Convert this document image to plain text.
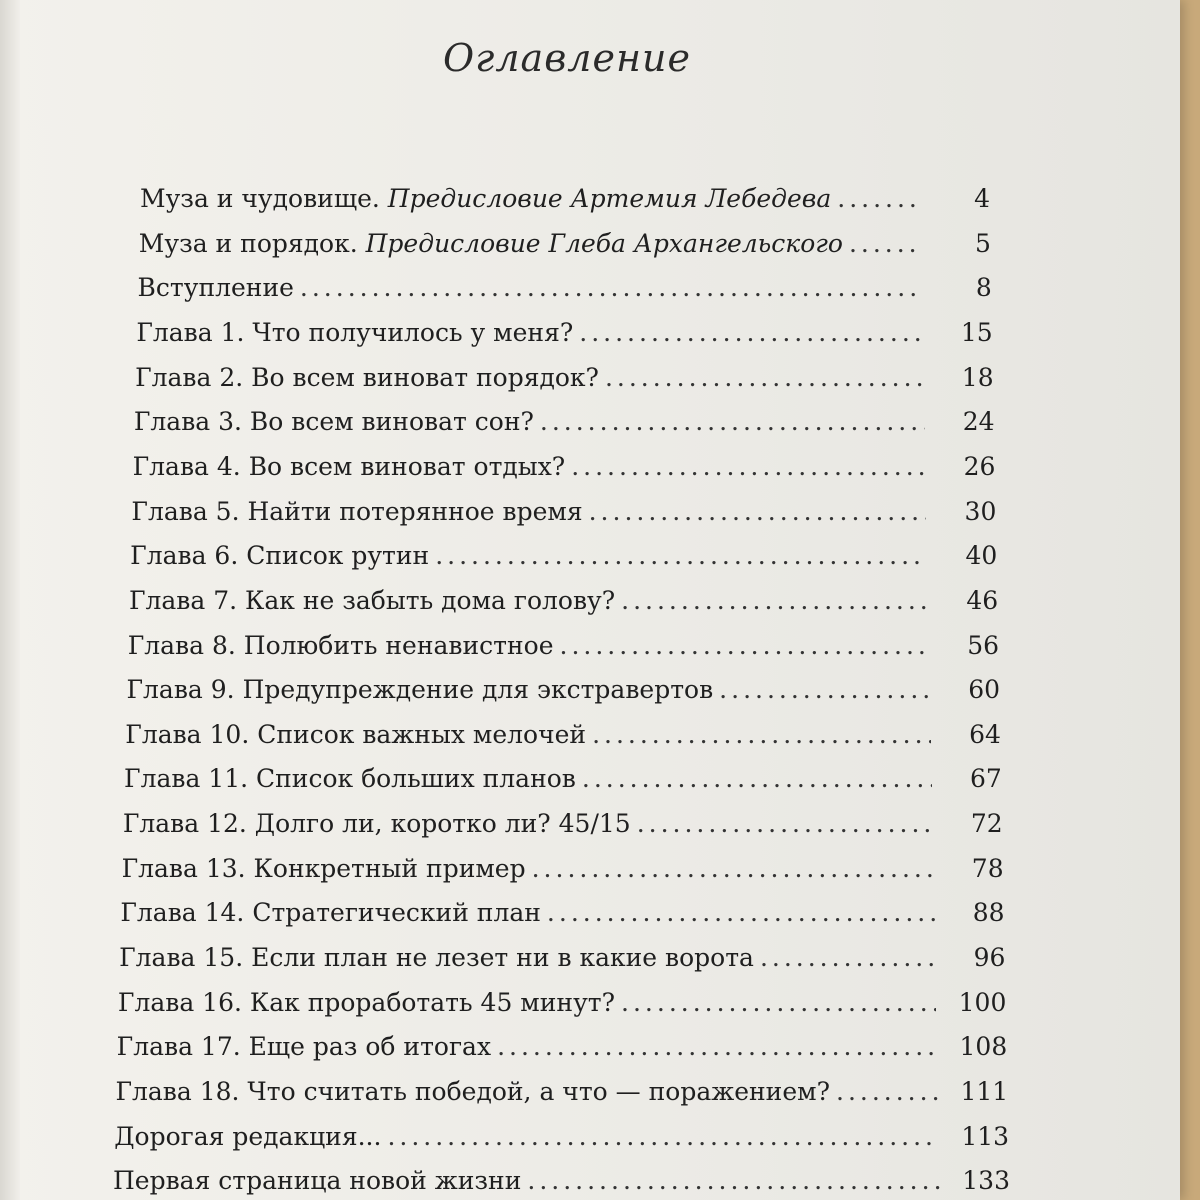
Оглавление
Муза и чудовище. Предисловие Артемия Лебедева .....	4
Муза и порядок. Предисловие Глеба Архангельского .....	5
Вступление .....	8
Глава 1. Что получилось у меня? .....	15
Глава 2. Во всем виноват порядок? .....	18
Глава 3. Во всем виноват сон? .....	24
Глава 4. Во всем виноват отдых? .....	26
Глава 5. Найти потерянное время .....	30
Глава 6. Список рутин .....	40
Глава 7. Как не забыть дома голову? .....	46
Глава 8. Полюбить ненавистное .....	56
Глава 9. Предупреждение для экстравертов .....	60
Глава 10. Список важных мелочей .....	64
Глава 11. Список больших планов .....	67
Глава 12. Долго ли, коротко ли? 45/15 .....	72
Глава 13. Конкретный пример .....	78
Глава 14. Стратегический план .....	88
Глава 15. Если план не лезет ни в какие ворота .....	96
Глава 16. Как проработать 45 минут? .....	100
Глава 17. Еще раз об итогах .....	108
Глава 18. Что считать победой, а что — поражением? .....	111
Дорогая редакция... .....	113
Первая страница новой жизни .....	133
